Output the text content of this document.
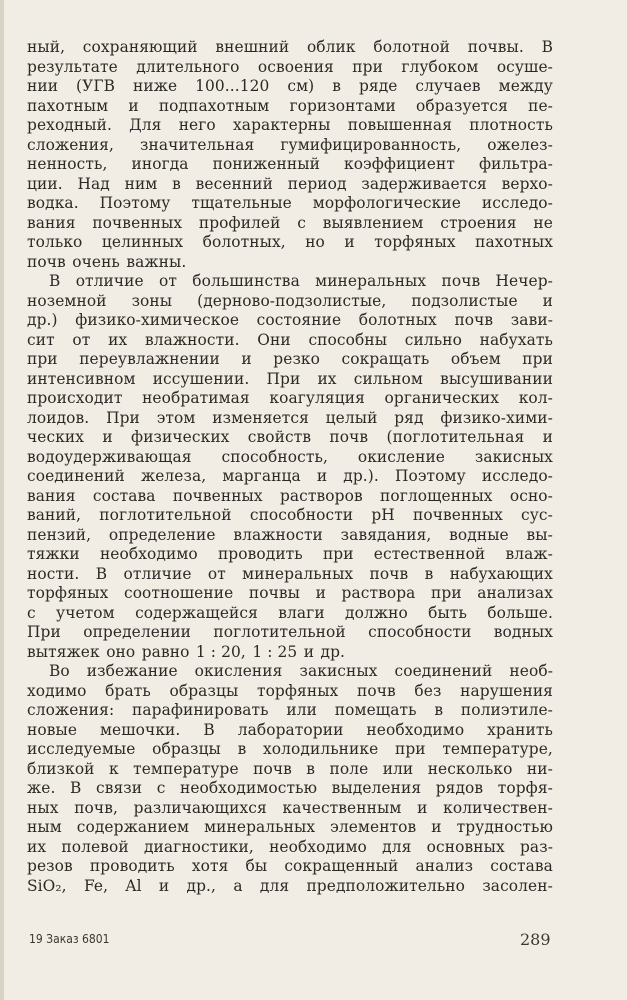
ный, сохраняющий внешний облик болотной почвы. В
результате длительного освоения при глубоком осуше-
нии (УГВ ниже 100...120 см) в ряде случаев между
пахотным и подпахотным горизонтами образуется пе-
реходный. Для него характерны повышенная плотность
сложения, значительная гумифицированность, ожелез-
ненность, иногда пониженный коэффициент фильтра-
ции. Над ним в весенний период задерживается верхо-
водка. Поэтому тщательные морфологические исследо-
вания почвенных профилей с выявлением строения не
только целинных болотных, но и торфяных пахотных
почв очень важны.
В отличие от большинства минеральных почв Нечер-
ноземной зоны (дерново-подзолистые, подзолистые и
др.) физико-химическое состояние болотных почв зави-
сит от их влажности. Они способны сильно набухать
при переувлажнении и резко сокращать объем при
интенсивном иссушении. При их сильном высушивании
происходит необратимая коагуляция органических кол-
лоидов. При этом изменяется целый ряд физико-хими-
ческих и физических свойств почв (поглотительная и
водоудерживающая способность, окисление закисных
соединений железа, марганца и др.). Поэтому исследо-
вания состава почвенных растворов поглощенных осно-
ваний, поглотительной способности pH почвенных сус-
пензий, определение влажности завядания, водные вы-
тяжки необходимо проводить при естественной влаж-
ности. В отличие от минеральных почв в набухающих
торфяных соотношение почвы и раствора при анализах
с учетом содержащейся влаги должно быть больше.
При определении поглотительной способности водных
вытяжек оно равно 1 : 20, 1 : 25 и др.
Во избежание окисления закисных соединений необ-
ходимо брать образцы торфяных почв без нарушения
сложения: парафинировать или помещать в полиэтиле-
новые мешочки. В лаборатории необходимо хранить
исследуемые образцы в холодильнике при температуре,
близкой к температуре почв в поле или несколько ни-
же. В связи с необходимостью выделения рядов торфя-
ных почв, различающихся качественным и количествен-
ным содержанием минеральных элементов и трудностью
их полевой диагностики, необходимо для основных раз-
резов проводить хотя бы сокращенный анализ состава
SiO₂, Fe, Al и др., а для предположительно засолен-
19 Заказ 6801	289
